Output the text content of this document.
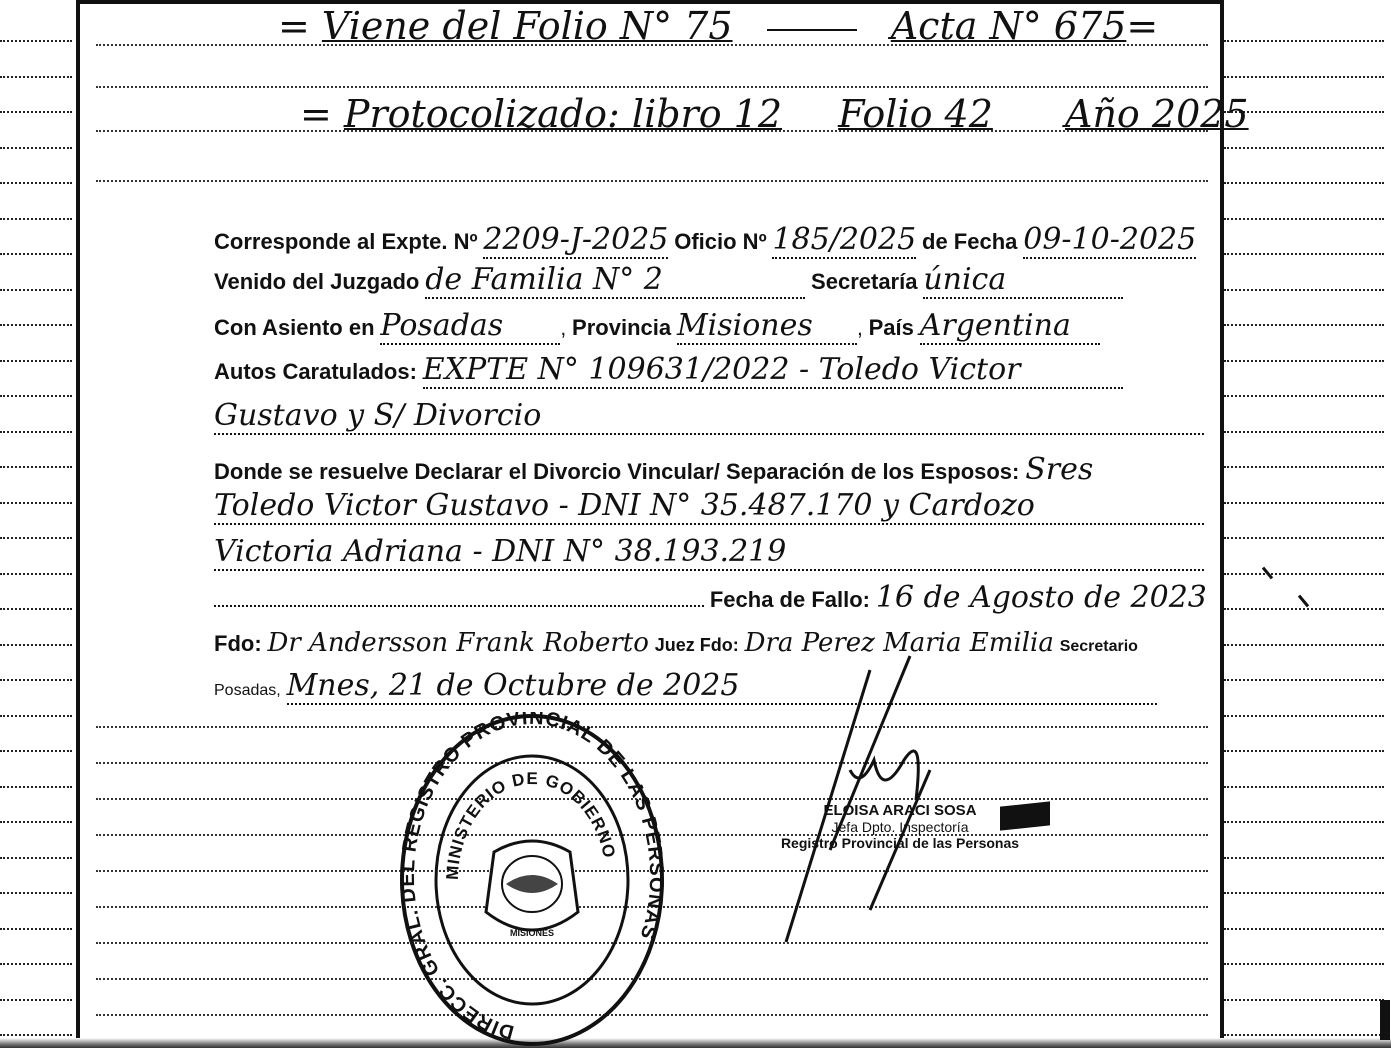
= Viene del Folio N° 75	Acta N° 675=
= Protocolizado: libro 12 Folio 42 Año 2025
Corresponde al Expte. Nº 2209-J-2025 Oficio Nº 185/2025 de Fecha 09-10-2025
Venido del Juzgado de Familia N° 2	Secretaría única
Con Asiento en Posadas	, Provincia Misiones , País Argentina
Autos Caratulados: EXPTE N° 109631/2022 - Toledo Victor
Gustavo y S/ Divorcio
Donde se resuelve Declarar el Divorcio Vincular/ Separación de los Esposos: Sres
Toledo Victor Gustavo - DNI N° 35.487.170 y Cardozo
Victoria Adriana - DNI N° 38.193.219
Fecha de Fallo: 16 de Agosto de 2023
Fdo: Dr Andersson Frank Roberto Juez Fdo: Dra Perez Maria Emilia Secretario
Posadas, Mnes, 21 de Octubre de 2025
DIRECC. GRAL. DEL REGISTRO PROVINCIAL DE LAS PERSONAS
MINISTERIO DE GOBIERNO
MISIONES
ELOISA ARACI SOSA
Jefa Dpto. Inspectoría
Registro Provincial de las Personas
